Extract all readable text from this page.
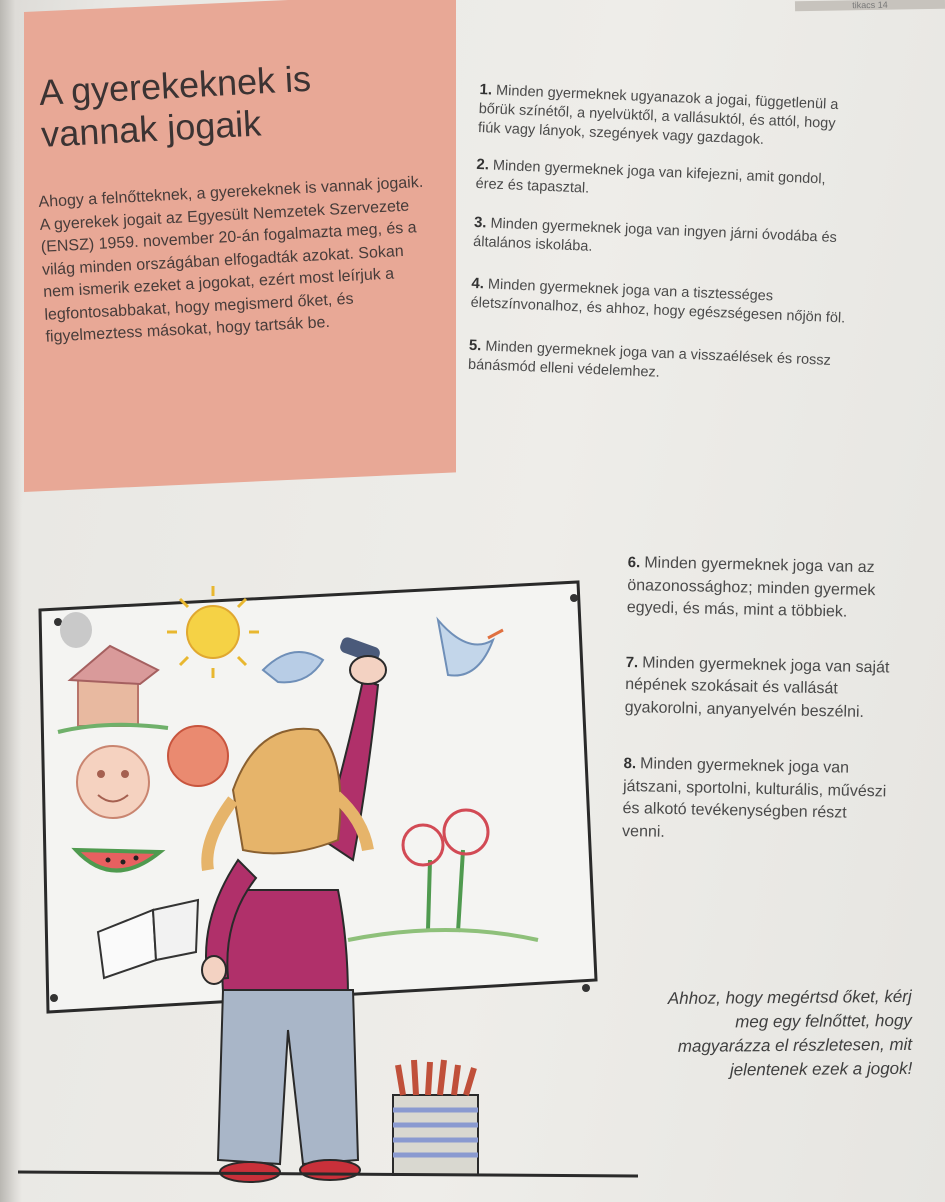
tikacs 14
A gyerekeknek is
vannak jogaik

Ahogy a felnőtteknek, a gyerekeknek is vannak jogaik. A gyerekek jogait az Egyesült Nemzetek Szervezete (ENSZ) 1959. november 20-án fogalmazta meg, és a világ minden országában elfogadták azokat. Sokan nem ismerik ezeket a jogokat, ezért most leírjuk a legfontosabbakat, hogy megismerd őket, és figyelmeztess másokat, hogy tartsák be.

1. Minden gyermeknek ugyanazok a jogai, függetlenül a bőrük színétől, a nyelvüktől, a vallásuktól, és attól, hogy fiúk vagy lányok, szegények vagy gazdagok.
2. Minden gyermeknek joga van kifejezni, amit gondol, érez és tapasztal.
3. Minden gyermeknek joga van ingyen járni óvodába és általános iskolába.
4. Minden gyermeknek joga van a tisztességes életszínvonalhoz, és ahhoz, hogy egészségesen nőjön föl.
5. Minden gyermeknek joga van a visszaélések és rossz bánásmód elleni védelemhez.
6. Minden gyermeknek joga van az önazonossághoz; minden gyermek egyedi, és más, mint a többiek.
7. Minden gyermeknek joga van saját népének szokásait és vallását gyakorolni, anyanyelvén beszélni.
8. Minden gyermeknek joga van játszani, sportolni, kulturális, művészi és alkotó tevékenységben részt venni.

Ahhoz, hogy megértsd őket, kérj meg egy felnőttet, hogy magyarázza el részletesen, mit jelentenek ezek a jogok!
